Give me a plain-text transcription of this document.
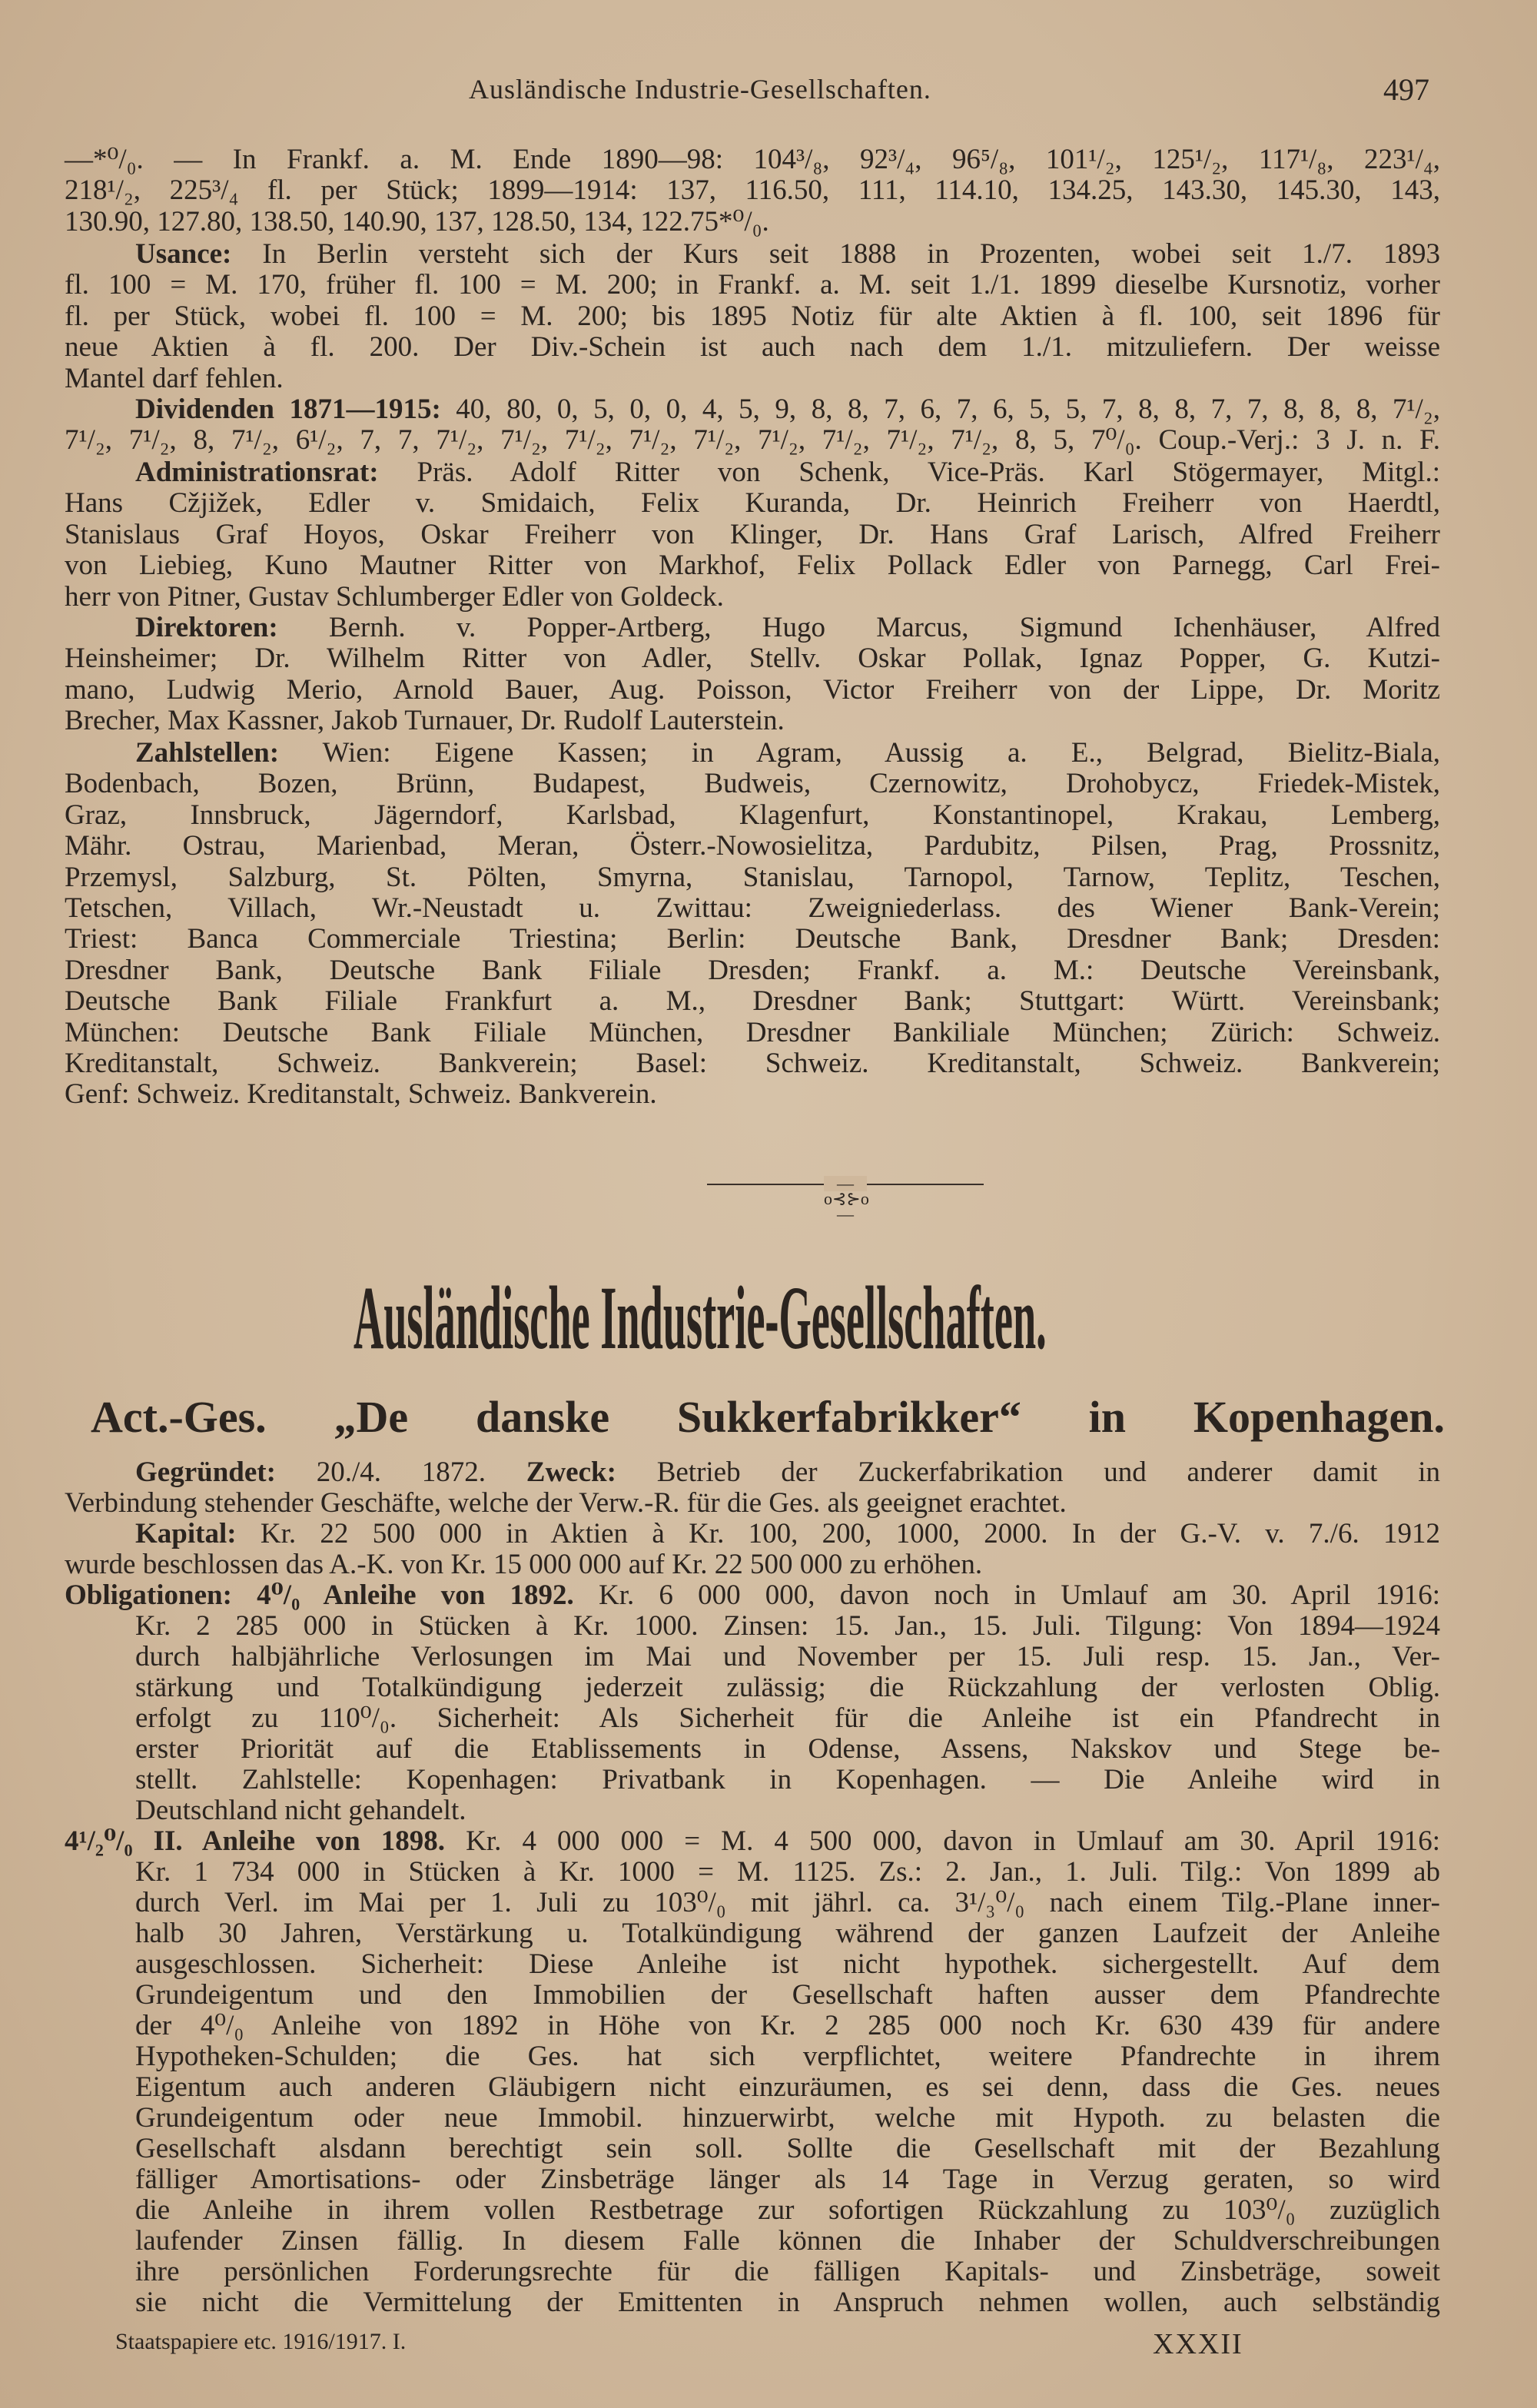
Ausländische Industrie-Gesellschaften.	497
—*⁰/₀. — In Frankf. a. M. Ende 1890—98: 104³/₈, 92³/₄, 96⁵/₈, 101¹/₂, 125¹/₂, 117¹/₈, 223¹/₄,
218¹/₂, 225³/₄ fl. per Stück; 1899—1914: 137, 116.50, 111, 114.10, 134.25, 143.30, 145.30, 143,
130.90, 127.80, 138.50, 140.90, 137, 128.50, 134, 122.75*⁰/₀.
Usance: In Berlin versteht sich der Kurs seit 1888 in Prozenten, wobei seit 1./7. 1893
fl. 100 = M. 170, früher fl. 100 = M. 200; in Frankf. a. M. seit 1./1. 1899 dieselbe Kursnotiz, vorher
fl. per Stück, wobei fl. 100 = M. 200; bis 1895 Notiz für alte Aktien à fl. 100, seit 1896 für
neue Aktien à fl. 200. Der Div.-Schein ist auch nach dem 1./1. mitzuliefern. Der weisse
Mantel darf fehlen.
Dividenden 1871—1915: 40, 80, 0, 5, 0, 0, 4, 5, 9, 8, 8, 7, 6, 7, 6, 5, 5, 7, 8, 8, 7, 7, 8, 8, 8, 7¹/₂,
7¹/₂, 7¹/₂, 8, 7¹/₂, 6¹/₂, 7, 7, 7¹/₂, 7¹/₂, 7¹/₂, 7¹/₂, 7¹/₂, 7¹/₂, 7¹/₂, 7¹/₂, 7¹/₂, 8, 5, 7⁰/₀. Coup.-Verj.: 3 J. n. F.
Administrationsrat: Präs. Adolf Ritter von Schenk, Vice-Präs. Karl Stögermayer, Mitgl.:
Hans Cžjižek, Edler v. Smidaich, Felix Kuranda, Dr. Heinrich Freiherr von Haerdtl,
Stanislaus Graf Hoyos, Oskar Freiherr von Klinger, Dr. Hans Graf Larisch, Alfred Freiherr
von Liebieg, Kuno Mautner Ritter von Markhof, Felix Pollack Edler von Parnegg, Carl Frei-
herr von Pitner, Gustav Schlumberger Edler von Goldeck.
Direktoren: Bernh. v. Popper-Artberg, Hugo Marcus, Sigmund Ichenhäuser, Alfred
Heinsheimer; Dr. Wilhelm Ritter von Adler, Stellv. Oskar Pollak, Ignaz Popper, G. Kutzi-
mano, Ludwig Merio, Arnold Bauer, Aug. Poisson, Victor Freiherr von der Lippe, Dr. Moritz
Brecher, Max Kassner, Jakob Turnauer, Dr. Rudolf Lauterstein.
Zahlstellen: Wien: Eigene Kassen; in Agram, Aussig a. E., Belgrad, Bielitz-Biala,
Bodenbach, Bozen, Brünn, Budapest, Budweis, Czernowitz, Drohobycz, Friedek-Mistek,
Graz, Innsbruck, Jägerndorf, Karlsbad, Klagenfurt, Konstantinopel, Krakau, Lemberg,
Mähr. Ostrau, Marienbad, Meran, Österr.-Nowosielitza, Pardubitz, Pilsen, Prag, Prossnitz,
Przemysl, Salzburg, St. Pölten, Smyrna, Stanislau, Tarnopol, Tarnow, Teplitz, Teschen,
Tetschen, Villach, Wr.-Neustadt u. Zwittau: Zweigniederlass. des Wiener Bank-Verein;
Triest: Banca Commerciale Triestina; Berlin: Deutsche Bank, Dresdner Bank; Dresden:
Dresdner Bank, Deutsche Bank Filiale Dresden; Frankf. a. M.: Deutsche Vereinsbank,
Deutsche Bank Filiale Frankfurt a. M., Dresdner Bank; Stuttgart: Württ. Vereinsbank;
München: Deutsche Bank Filiale München, Dresdner Bankiliale München; Zürich: Schweiz.
Kreditanstalt, Schweiz. Bankverein; Basel: Schweiz. Kreditanstalt, Schweiz. Bankverein;
Genf: Schweiz. Kreditanstalt, Schweiz. Bankverein.
—o⊰⊱o—
Ausländische Industrie-Gesellschaften.
Act.-Ges. „De danske Sukkerfabrikker“ in Kopenhagen.
Gegründet: 20./4. 1872. Zweck: Betrieb der Zuckerfabrikation und anderer damit in
Verbindung stehender Geschäfte, welche der Verw.-R. für die Ges. als geeignet erachtet.
Kapital: Kr. 22 500 000 in Aktien à Kr. 100, 200, 1000, 2000. In der G.-V. v. 7./6. 1912
wurde beschlossen das A.-K. von Kr. 15 000 000 auf Kr. 22 500 000 zu erhöhen.
Obligationen: 4⁰/₀ Anleihe von 1892. Kr. 6 000 000, davon noch in Umlauf am 30. April 1916:
Kr. 2 285 000 in Stücken à Kr. 1000. Zinsen: 15. Jan., 15. Juli. Tilgung: Von 1894—1924
durch halbjährliche Verlosungen im Mai und November per 15. Juli resp. 15. Jan., Ver-
stärkung und Totalkündigung jederzeit zulässig; die Rückzahlung der verlosten Oblig.
erfolgt zu 110⁰/₀. Sicherheit: Als Sicherheit für die Anleihe ist ein Pfandrecht in
erster Priorität auf die Etablissements in Odense, Assens, Nakskov und Stege be-
stellt. Zahlstelle: Kopenhagen: Privatbank in Kopenhagen. — Die Anleihe wird in
Deutschland nicht gehandelt.
4¹/₂⁰/₀ II. Anleihe von 1898. Kr. 4 000 000 = M. 4 500 000, davon in Umlauf am 30. April 1916:
Kr. 1 734 000 in Stücken à Kr. 1000 = M. 1125. Zs.: 2. Jan., 1. Juli. Tilg.: Von 1899 ab
durch Verl. im Mai per 1. Juli zu 103⁰/₀ mit jährl. ca. 3¹/₃⁰/₀ nach einem Tilg.-Plane inner-
halb 30 Jahren, Verstärkung u. Totalkündigung während der ganzen Laufzeit der Anleihe
ausgeschlossen. Sicherheit: Diese Anleihe ist nicht hypothek. sichergestellt. Auf dem
Grundeigentum und den Immobilien der Gesellschaft haften ausser dem Pfandrechte
der 4⁰/₀ Anleihe von 1892 in Höhe von Kr. 2 285 000 noch Kr. 630 439 für andere
Hypotheken-Schulden; die Ges. hat sich verpflichtet, weitere Pfandrechte in ihrem
Eigentum auch anderen Gläubigern nicht einzuräumen, es sei denn, dass die Ges. neues
Grundeigentum oder neue Immobil. hinzuerwirbt, welche mit Hypoth. zu belasten die
Gesellschaft alsdann berechtigt sein soll. Sollte die Gesellschaft mit der Bezahlung
fälliger Amortisations- oder Zinsbeträge länger als 14 Tage in Verzug geraten, so wird
die Anleihe in ihrem vollen Restbetrage zur sofortigen Rückzahlung zu 103⁰/₀ zuzüglich
laufender Zinsen fällig. In diesem Falle können die Inhaber der Schuldverschreibungen
ihre persönlichen Forderungsrechte für die fälligen Kapitals- und Zinsbeträge, soweit
sie nicht die Vermittelung der Emittenten in Anspruch nehmen wollen, auch selbständig
Staatspapiere etc. 1916/1917. I.	XXXII
